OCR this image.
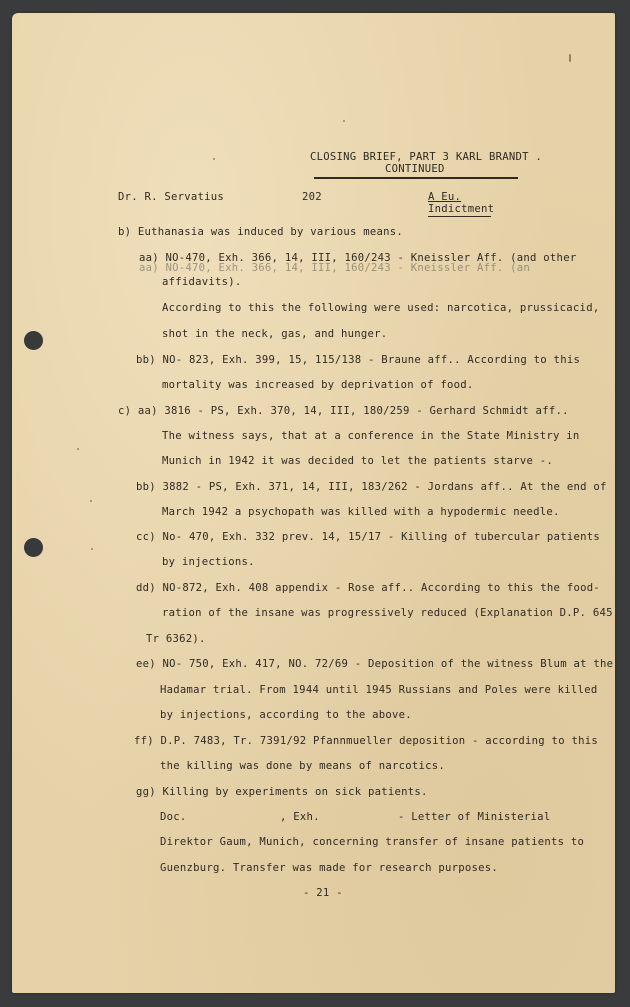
CLOSING BRIEF, PART 3 KARL BRANDT .
CONTINUED
Dr. R. Servatius	202	A Eu.
Indictment
b) Euthanasia was induced by various means.
aa) NO-470, Exh. 366, 14, III, 160/243 - Kneissler Aff. (and other
aa) NO-470, Exh. 366, 14, III, 160/243 - Kneissler Aff. (an
affidavits).
According to this the following were used: narcotica, prussicacid,
shot in the neck, gas, and hunger.
bb) NO- 823, Exh. 399, 15, 115/138 - Braune aff.. According to this
mortality was increased by deprivation of food.
c) aa) 3816 - PS, Exh. 370, 14, III, 180/259 - Gerhard Schmidt aff..
The witness says, that at a conference in the State Ministry in
Munich in 1942 it was decided to let the patients starve -.
bb) 3882 - PS, Exh. 371, 14, III, 183/262 - Jordans aff.. At the end of
March 1942 a psychopath was killed with a hypodermic needle.
cc) No- 470, Exh. 332 prev. 14, 15/17 - Killing of tubercular patients
by injections.
dd) NO-872, Exh. 408 appendix - Rose aff.. According to this the food-
ration of the insane was progressively reduced (Explanation D.P. 645
Tr 6362).
ee) NO- 750, Exh. 417, NO. 72/69 - Deposition of the witness Blum at the
Hadamar trial. From 1944 until 1945 Russians and Poles were killed
by injections, according to the above.
ff) D.P. 7483, Tr. 7391/92 Pfannmueller deposition - according to this
the killing was done by means of narcotics.
gg) Killing by experiments on sick patients.
Doc.	, Exh.	- Letter of Ministerial
Direktor Gaum, Munich, concerning transfer of insane patients to
Guenzburg. Transfer was made for research purposes.
- 21 -
